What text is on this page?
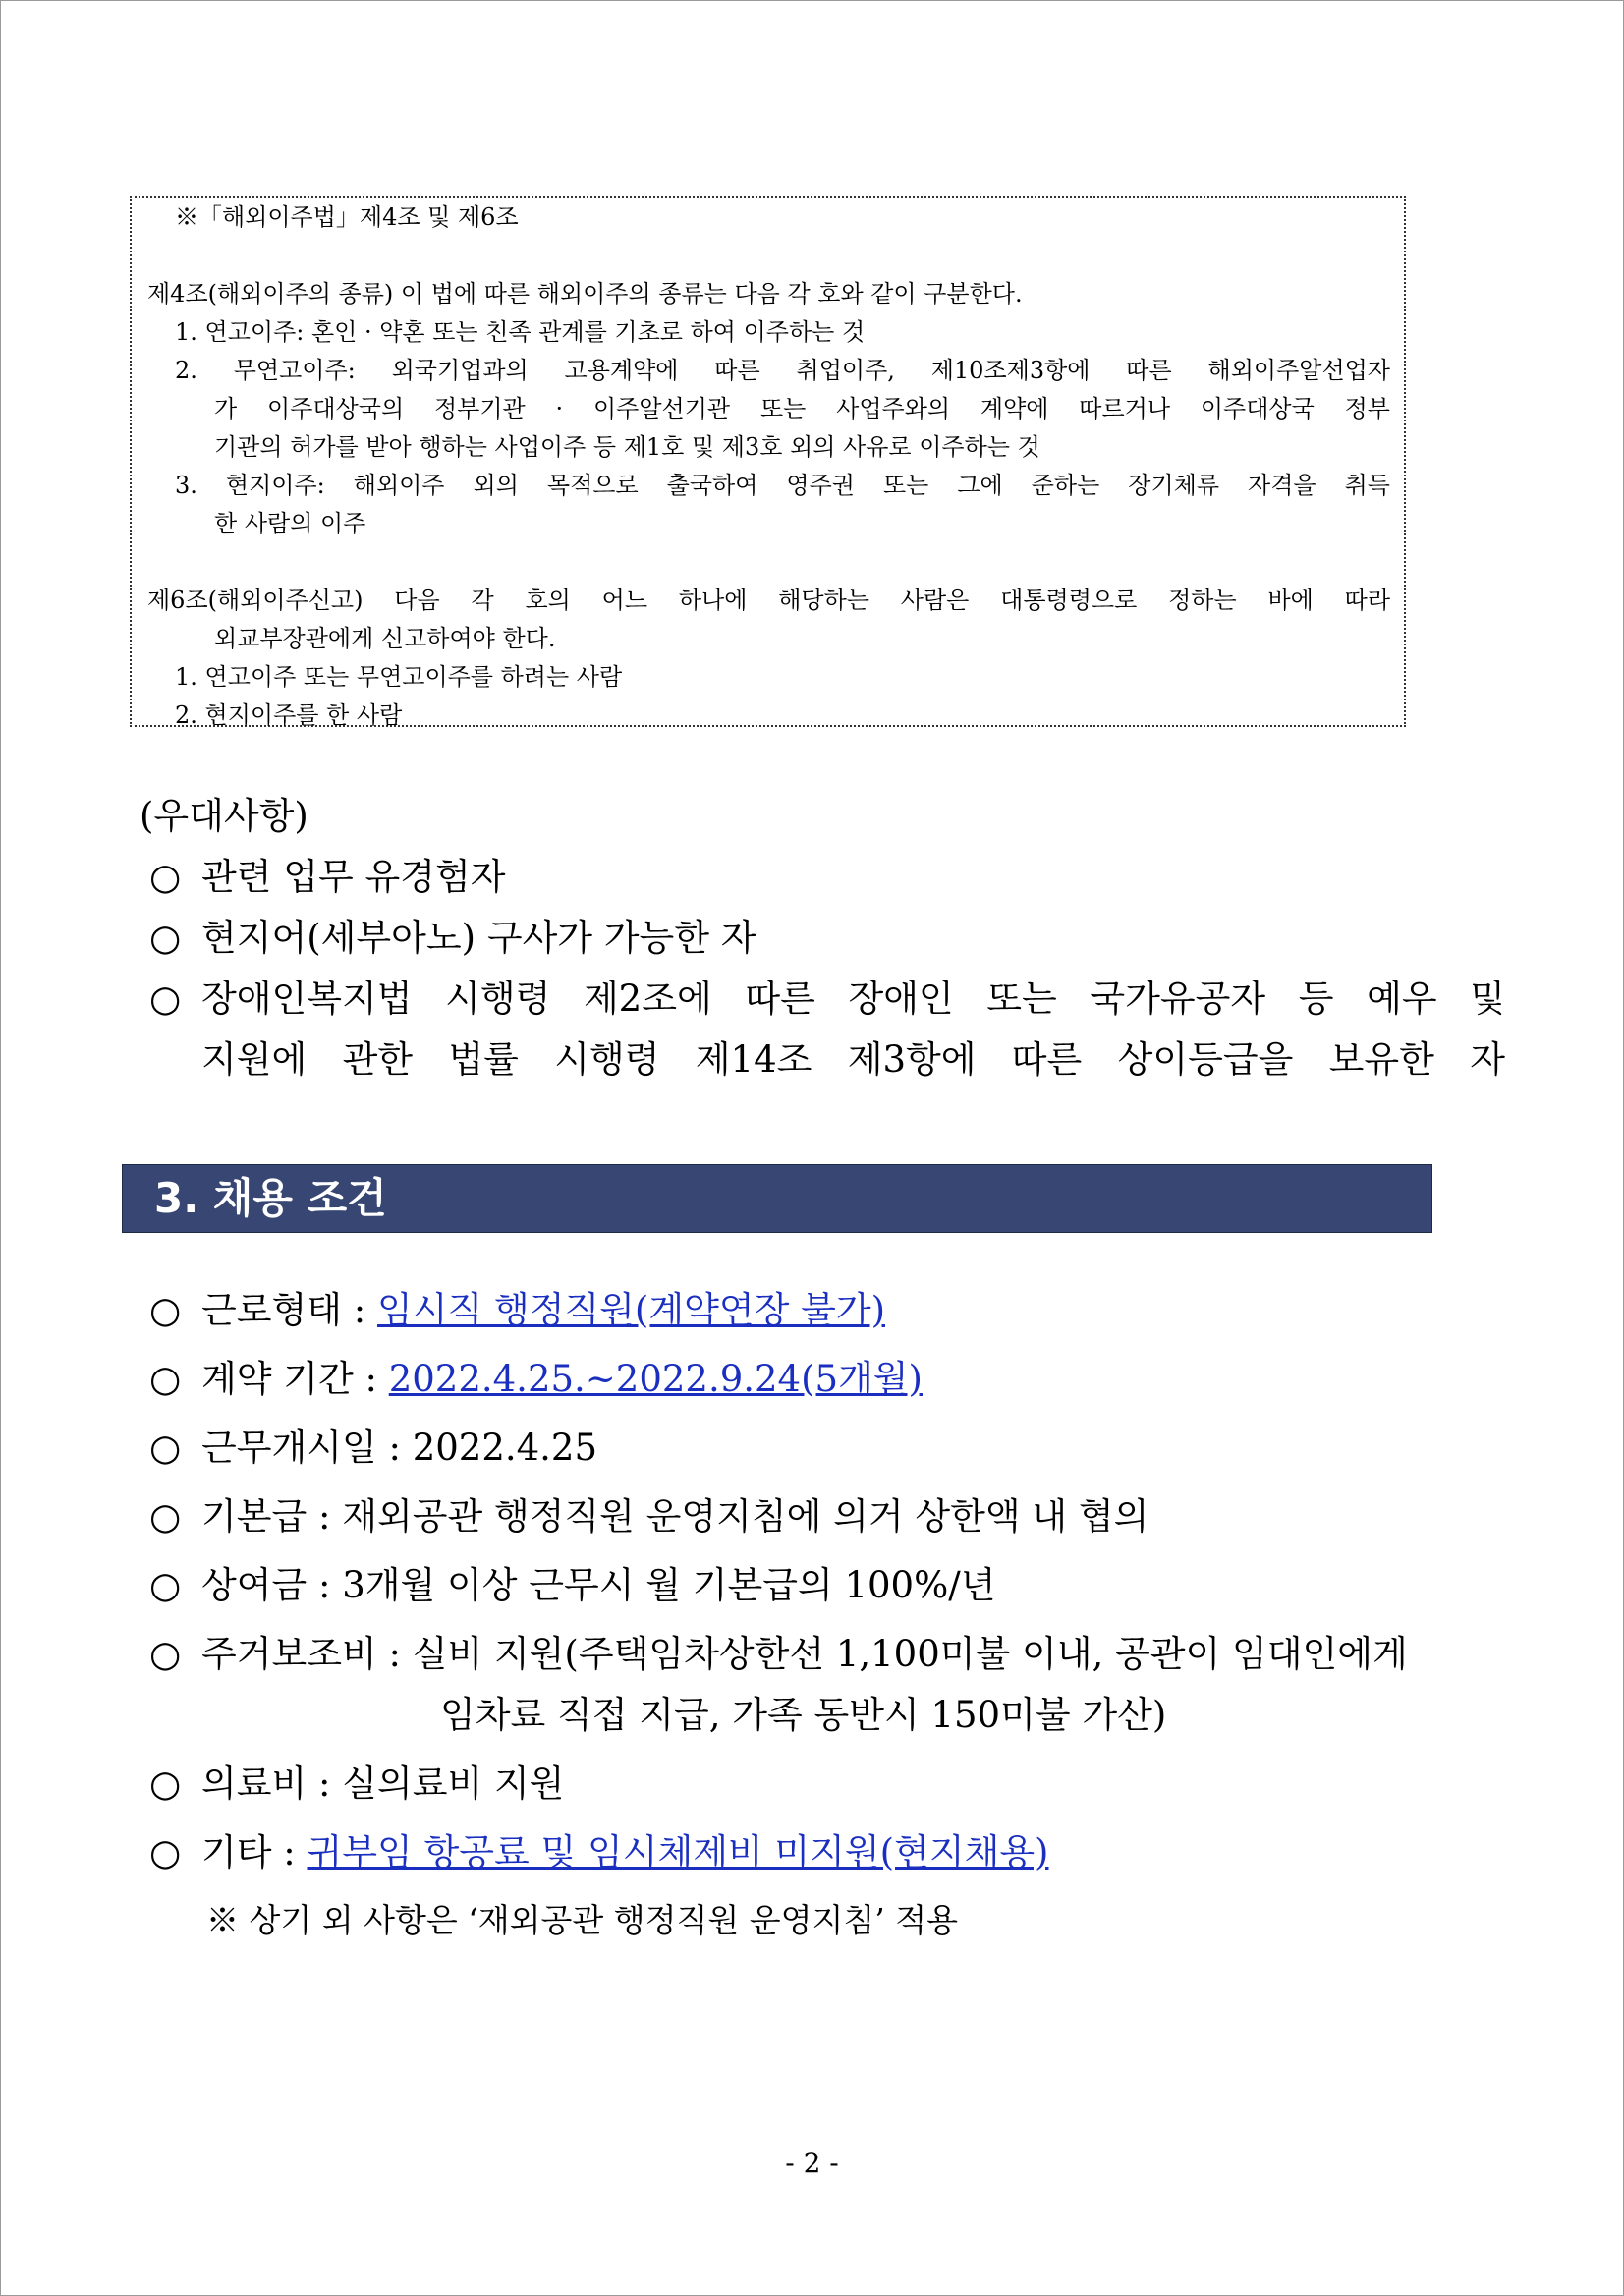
※「해외이주법」제4조 및 제6조
제4조(해외이주의 종류) 이 법에 따른 해외이주의 종류는 다음 각 호와 같이 구분한다.
1. 연고이주: 혼인 · 약혼 또는 친족 관계를 기초로 하여 이주하는 것
2. 무연고이주: 외국기업과의 고용계약에 따른 취업이주, 제10조제3항에 따른 해외이주알선업자
가 이주대상국의 정부기관 · 이주알선기관 또는 사업주와의 계약에 따르거나 이주대상국 정부
기관의 허가를 받아 행하는 사업이주 등 제1호 및 제3호 외의 사유로 이주하는 것
3. 현지이주: 해외이주 외의 목적으로 출국하여 영주권 또는 그에 준하는 장기체류 자격을 취득
한 사람의 이주
제6조(해외이주신고) 다음 각 호의 어느 하나에 해당하는 사람은 대통령령으로 정하는 바에 따라
외교부장관에게 신고하여야 한다.
1. 연고이주 또는 무연고이주를 하려는 사람
2. 현지이주를 한 사람
(우대사항)
○ 관련 업무 유경험자
○ 현지어(세부아노) 구사가 가능한 자
○ 장애인복지법 시행령 제2조에 따른 장애인 또는 국가유공자 등 예우 및
지원에 관한 법률 시행령 제14조 제3항에 따른 상이등급을 보유한 자
3. 채용 조건
○ 근로형태 : 임시직 행정직원(계약연장 불가)
○ 계약 기간 : 2022.4.25.~2022.9.24(5개월)
○ 근무개시일 : 2022.4.25
○ 기본급 : 재외공관 행정직원 운영지침에 의거 상한액 내 협의
○ 상여금 : 3개월 이상 근무시 월 기본급의 100%/년
○ 주거보조비 : 실비 지원(주택임차상한선 1,100미불 이내, 공관이 임대인에게
임차료 직접 지급, 가족 동반시 150미불 가산)
○ 의료비 : 실의료비 지원
○ 기타 : 귀부임 항공료 및 임시체제비 미지원(현지채용)
※ 상기 외 사항은 ‘재외공관 행정직원 운영지침’ 적용
- 2 -
